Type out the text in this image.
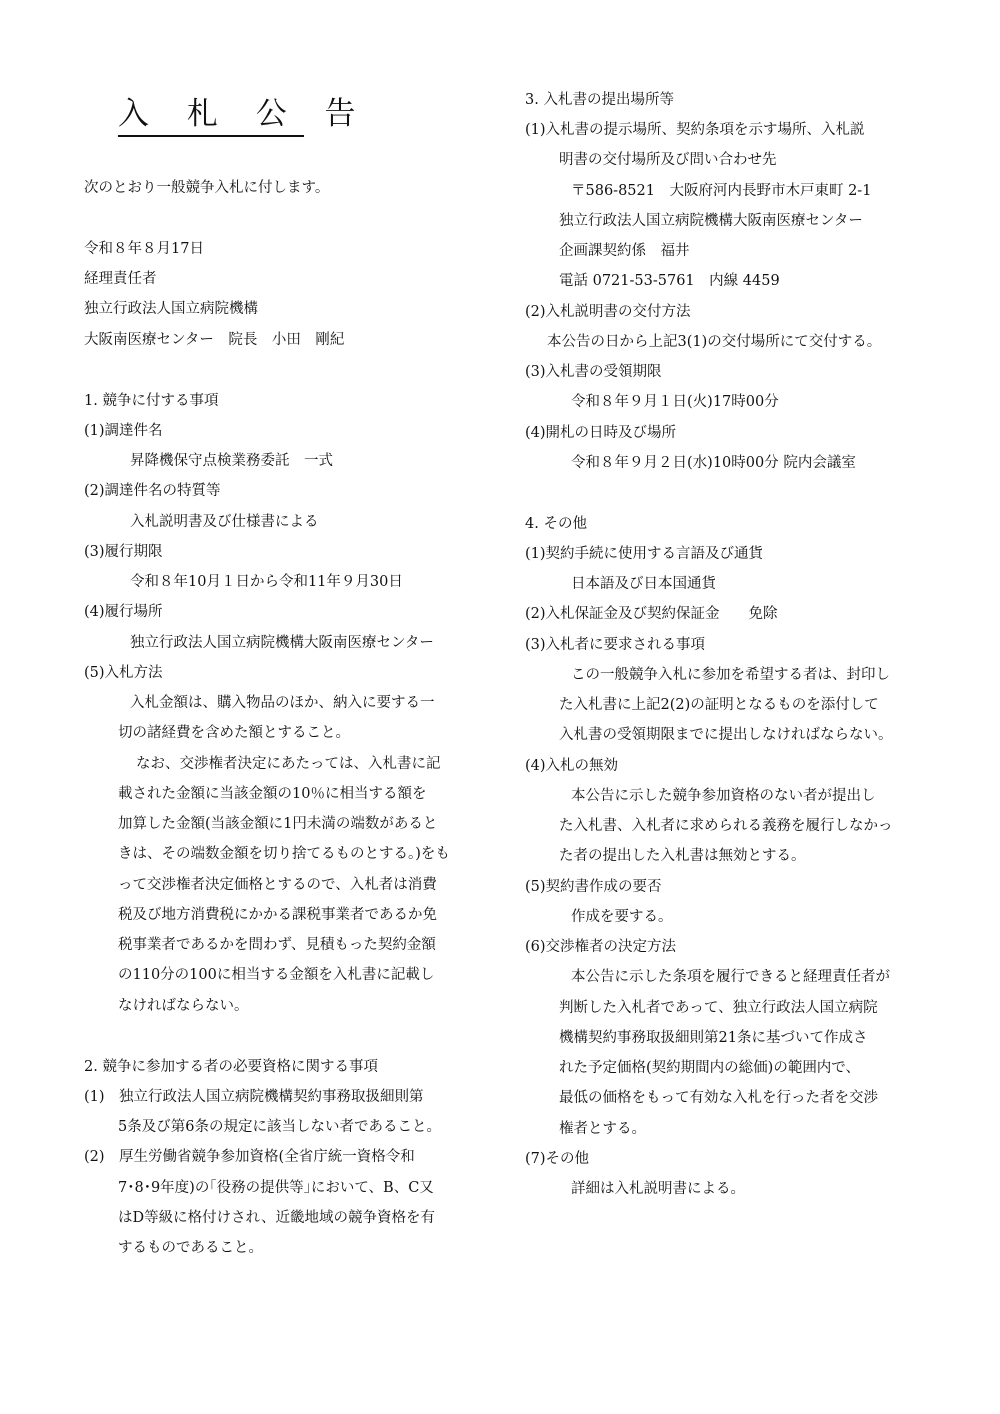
入 札 公 告
次のとおり一般競争入札に付します。
令和８年８月17日
経理責任者
独立行政法人国立病院機構
大阪南医療センター　院長　小田　剛紀
1. 競争に付する事項
(1)調達件名
昇降機保守点検業務委託　一式
(2)調達件名の特質等
入札説明書及び仕様書による
(3)履行期限
令和８年10月１日から令和11年９月30日
(4)履行場所
独立行政法人国立病院機構大阪南医療センター
(5)入札方法
入札金額は、購入物品のほか、納入に要する一
切の諸経費を含めた額とすること。
なお、交渉権者決定にあたっては、入札書に記
載された金額に当該金額の10％に相当する額を
加算した金額(当該金額に1円未満の端数があると
きは、その端数金額を切り捨てるものとする。)をも
って交渉権者決定価格とするので、入札者は消費
税及び地方消費税にかかる課税事業者であるか免
税事業者であるかを問わず、見積もった契約金額
の110分の100に相当する金額を入札書に記載し
なければならない。
2. 競争に参加する者の必要資格に関する事項
(1)　独立行政法人国立病院機構契約事務取扱細則第
5条及び第6条の規定に該当しない者であること。
(2)　厚生労働省競争参加資格(全省庁統一資格令和
7･8･9年度)の｢役務の提供等｣において、B、C又
はD等級に格付けされ、近畿地域の競争資格を有
するものであること。
3. 入札書の提出場所等
(1)入札書の提示場所、契約条項を示す場所、入札説
明書の交付場所及び問い合わせ先
〒586-8521　大阪府河内長野市木戸東町 2-1
独立行政法人国立病院機構大阪南医療センター
企画課契約係　福井
電話 0721-53-5761　内線 4459
(2)入札説明書の交付方法
本公告の日から上記3(1)の交付場所にて交付する。
(3)入札書の受領期限
令和８年９月１日(火)17時00分
(4)開札の日時及び場所
令和８年９月２日(水)10時00分 院内会議室
4. その他
(1)契約手続に使用する言語及び通貨
日本語及び日本国通貨
(2)入札保証金及び契約保証金　　免除
(3)入札者に要求される事項
この一般競争入札に参加を希望する者は、封印し
た入札書に上記2(2)の証明となるものを添付して
入札書の受領期限までに提出しなければならない。
(4)入札の無効
本公告に示した競争参加資格のない者が提出し
た入札書、入札者に求められる義務を履行しなかっ
た者の提出した入札書は無効とする。
(5)契約書作成の要否
作成を要する。
(6)交渉権者の決定方法
本公告に示した条項を履行できると経理責任者が
判断した入札者であって、独立行政法人国立病院
機構契約事務取扱細則第21条に基づいて作成さ
れた予定価格(契約期間内の総価)の範囲内で、
最低の価格をもって有効な入札を行った者を交渉
権者とする。
(7)その他
詳細は入札説明書による。
